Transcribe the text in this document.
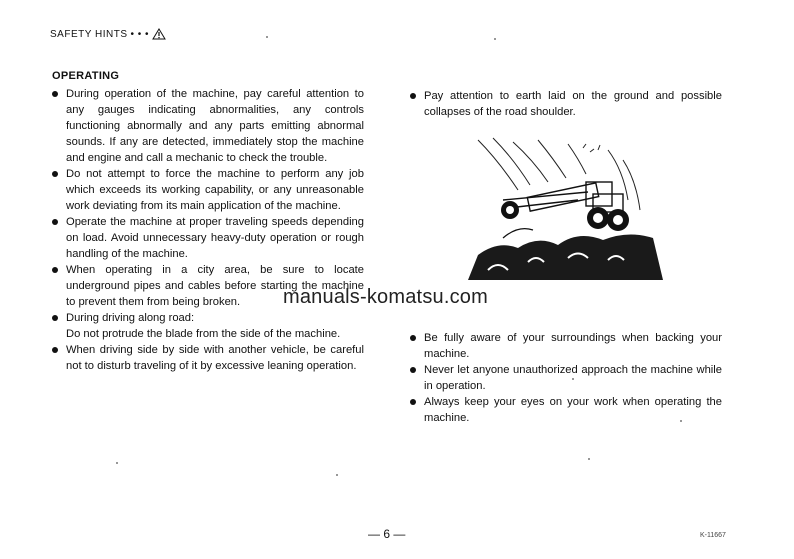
SAFETY HINTS • • •
OPERATING
During operation of the machine, pay careful attention to any gauges indicating abnormalities, any controls functioning abnormally and any parts emitting abnormal sounds. If any are detected, immediately stop the machine and engine and call a mechanic to check the trouble.
Do not attempt to force the machine to perform any job which exceeds its working capability, or any unreasonable work deviating from its main application of the machine.
Operate the machine at proper traveling speeds depending on load. Avoid unnecessary heavy-duty operation or rough handling of the machine.
When operating in a city area, be sure to locate underground pipes and cables before starting the machine to prevent them from being broken.
During driving along road:
Do not protrude the blade from the side of the machine.
When driving side by side with another vehicle, be careful not to disturb traveling of it by excessive leaning operation.
Pay attention to earth laid on the ground and possible collapses of the road shoulder.
manuals-komatsu.com
Be fully aware of your surroundings when backing your machine.
Never let anyone unauthorized approach the machine while in operation.
Always keep your eyes on your work when operating the machine.
— 6 —	K-11667
